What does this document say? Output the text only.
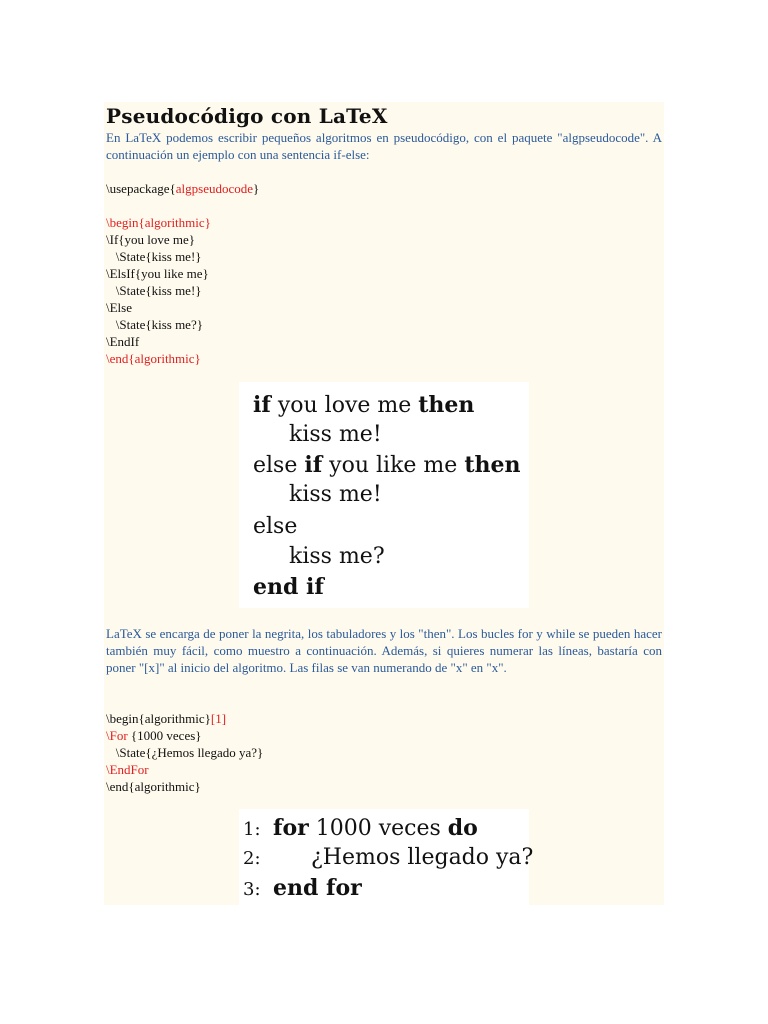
Pseudocódigo con LaTeX
En LaTeX podemos escribir pequeños algoritmos en pseudocódigo, con el paquete "algpseudocode". A continuación un ejemplo con una sentencia if-else:
\usepackage{algpseudocode}
\begin{algorithmic}
\If{you love me}
\State{kiss me!}
\ElsIf{you like me}
\State{kiss me!}
\Else
\State{kiss me?}
\EndIf
\end{algorithmic}
if you love me then
kiss me!
else if you like me then
kiss me!
else
kiss me?
end if
LaTeX se encarga de poner la negrita, los tabuladores y los "then". Los bucles for y while se pueden hacer también muy fácil, como muestro a continuación. Además, si quieres numerar las líneas, bastaría con poner "[x]" al inicio del algoritmo. Las filas se van numerando de "x" en "x".
\begin{algorithmic}[1]
\For {1000 veces}
\State{¿Hemos llegado ya?}
\EndFor
\end{algorithmic}
1: for 1000 veces do
2: ¿Hemos llegado ya?
3: end for
